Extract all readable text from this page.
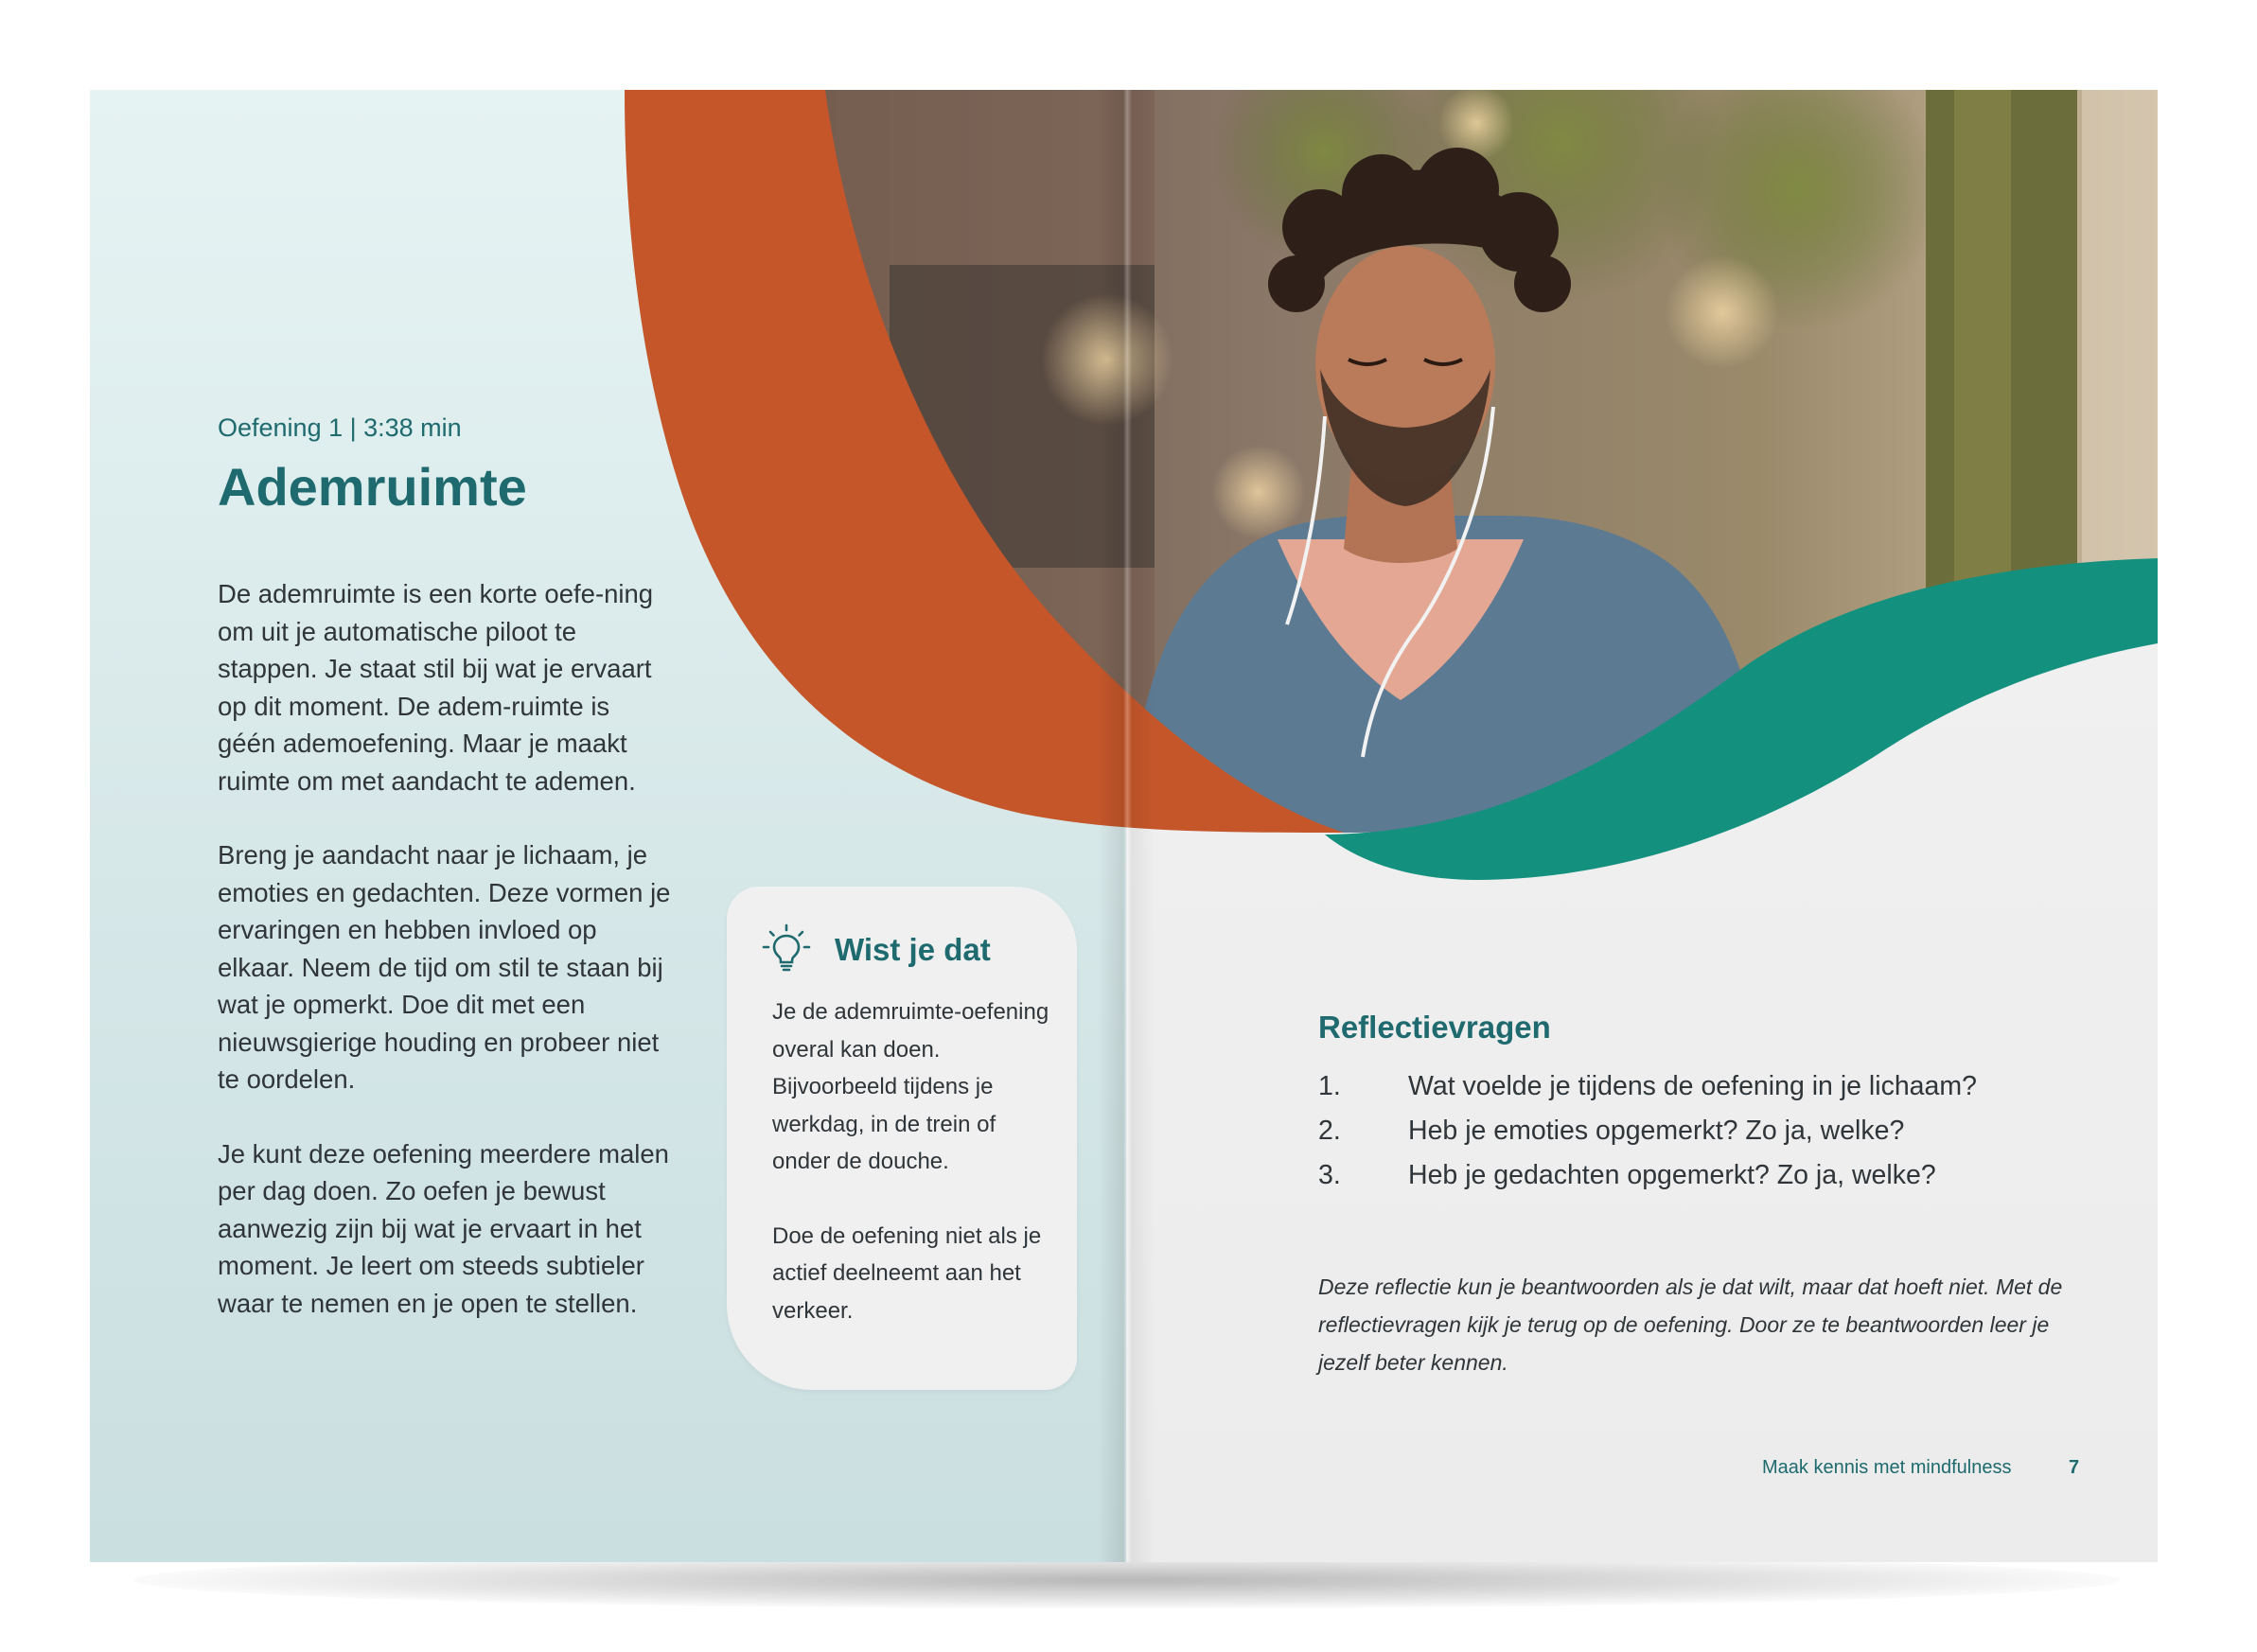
Oefening 1 | 3:38 min
Ademruimte

De ademruimte is een korte oefe-ning om uit je automatische piloot te stappen. Je staat stil bij wat je ervaart op dit moment. De adem-ruimte is géén ademoefening. Maar je maakt ruimte om met aandacht te ademen.

Breng je aandacht naar je lichaam, je emoties en gedachten. Deze vormen je ervaringen en hebben invloed op elkaar. Neem de tijd om stil te staan bij wat je opmerkt. Doe dit met een nieuwsgierige houding en probeer niet te oordelen.

Je kunt deze oefening meerdere malen per dag doen. Zo oefen je bewust aanwezig zijn bij wat je ervaart in het moment. Je leert om steeds subtieler waar te nemen en je open te stellen.

Wist je dat

Je de ademruimte-oefening overal kan doen. Bijvoorbeeld tijdens je werkdag, in de trein of onder de douche.

Doe de oefening niet als je actief deelneemt aan het verkeer.

Reflectievragen
1. Wat voelde je tijdens de oefening in je lichaam?
2. Heb je emoties opgemerkt? Zo ja, welke?
3. Heb je gedachten opgemerkt? Zo ja, welke?
Deze reflectie kun je beantwoorden als je dat wilt, maar dat hoeft niet. Met de reflectievragen kijk je terug op de oefening. Door ze te beantwoorden leer je jezelf beter kennen.
Maak kennis met mindfulness	7
